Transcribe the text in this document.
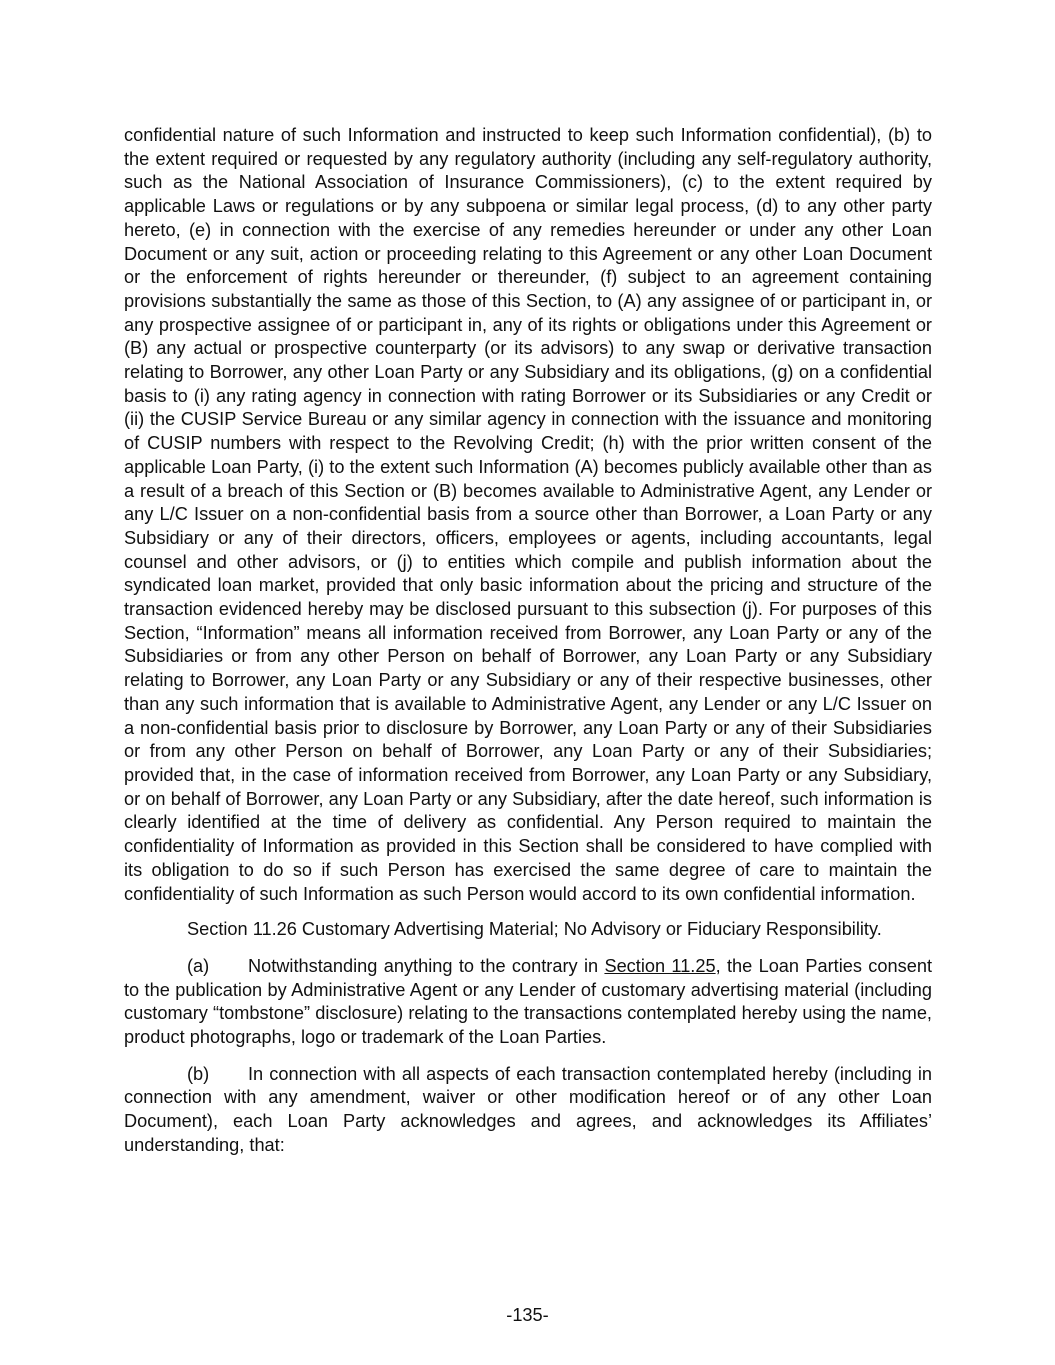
confidential nature of such Information and instructed to keep such Information confidential), (b) to the extent required or requested by any regulatory authority (including any self-regulatory authority, such as the National Association of Insurance Commissioners), (c) to the extent required by applicable Laws or regulations or by any subpoena or similar legal process, (d) to any other party hereto, (e) in connection with the exercise of any remedies hereunder or under any other Loan Document or any suit, action or proceeding relating to this Agreement or any other Loan Document or the enforcement of rights hereunder or thereunder, (f) subject to an agreement containing provisions substantially the same as those of this Section, to (A) any assignee of or participant in, or any prospective assignee of or participant in, any of its rights or obligations under this Agreement or (B) any actual or prospective counterparty (or its advisors) to any swap or derivative transaction relating to Borrower, any other Loan Party or any Subsidiary and its obligations, (g) on a confidential basis to (i) any rating agency in connection with rating Borrower or its Subsidiaries or any Credit or (ii) the CUSIP Service Bureau or any similar agency in connection with the issuance and monitoring of CUSIP numbers with respect to the Revolving Credit; (h) with the prior written consent of the applicable Loan Party, (i) to the extent such Information (A) becomes publicly available other than as a result of a breach of this Section or (B) becomes available to Administrative Agent, any Lender or any L/C Issuer on a non-confidential basis from a source other than Borrower, a Loan Party or any Subsidiary or any of their directors, officers, employees or agents, including accountants, legal counsel and other advisors, or (j) to entities which compile and publish information about the syndicated loan market, provided that only basic information about the pricing and structure of the transaction evidenced hereby may be disclosed pursuant to this subsection (j). For purposes of this Section, “Information” means all information received from Borrower, any Loan Party or any of the Subsidiaries or from any other Person on behalf of Borrower, any Loan Party or any Subsidiary relating to Borrower, any Loan Party or any Subsidiary or any of their respective businesses, other than any such information that is available to Administrative Agent, any Lender or any L/C Issuer on a non-confidential basis prior to disclosure by Borrower, any Loan Party or any of their Subsidiaries or from any other Person on behalf of Borrower, any Loan Party or any of their Subsidiaries; provided that, in the case of information received from Borrower, any Loan Party or any Subsidiary, or on behalf of Borrower, any Loan Party or any Subsidiary, after the date hereof, such information is clearly identified at the time of delivery as confidential. Any Person required to maintain the confidentiality of Information as provided in this Section shall be considered to have complied with its obligation to do so if such Person has exercised the same degree of care to maintain the confidentiality of such Information as such Person would accord to its own confidential information.

Section 11.26 Customary Advertising Material; No Advisory or Fiduciary Responsibility.

(a) Notwithstanding anything to the contrary in Section 11.25, the Loan Parties consent to the publication by Administrative Agent or any Lender of customary advertising material (including customary “tombstone” disclosure) relating to the transactions contemplated hereby using the name, product photographs, logo or trademark of the Loan Parties.

(b) In connection with all aspects of each transaction contemplated hereby (including in connection with any amendment, waiver or other modification hereof or of any other Loan Document), each Loan Party acknowledges and agrees, and acknowledges its Affiliates’ understanding, that:

-135-
